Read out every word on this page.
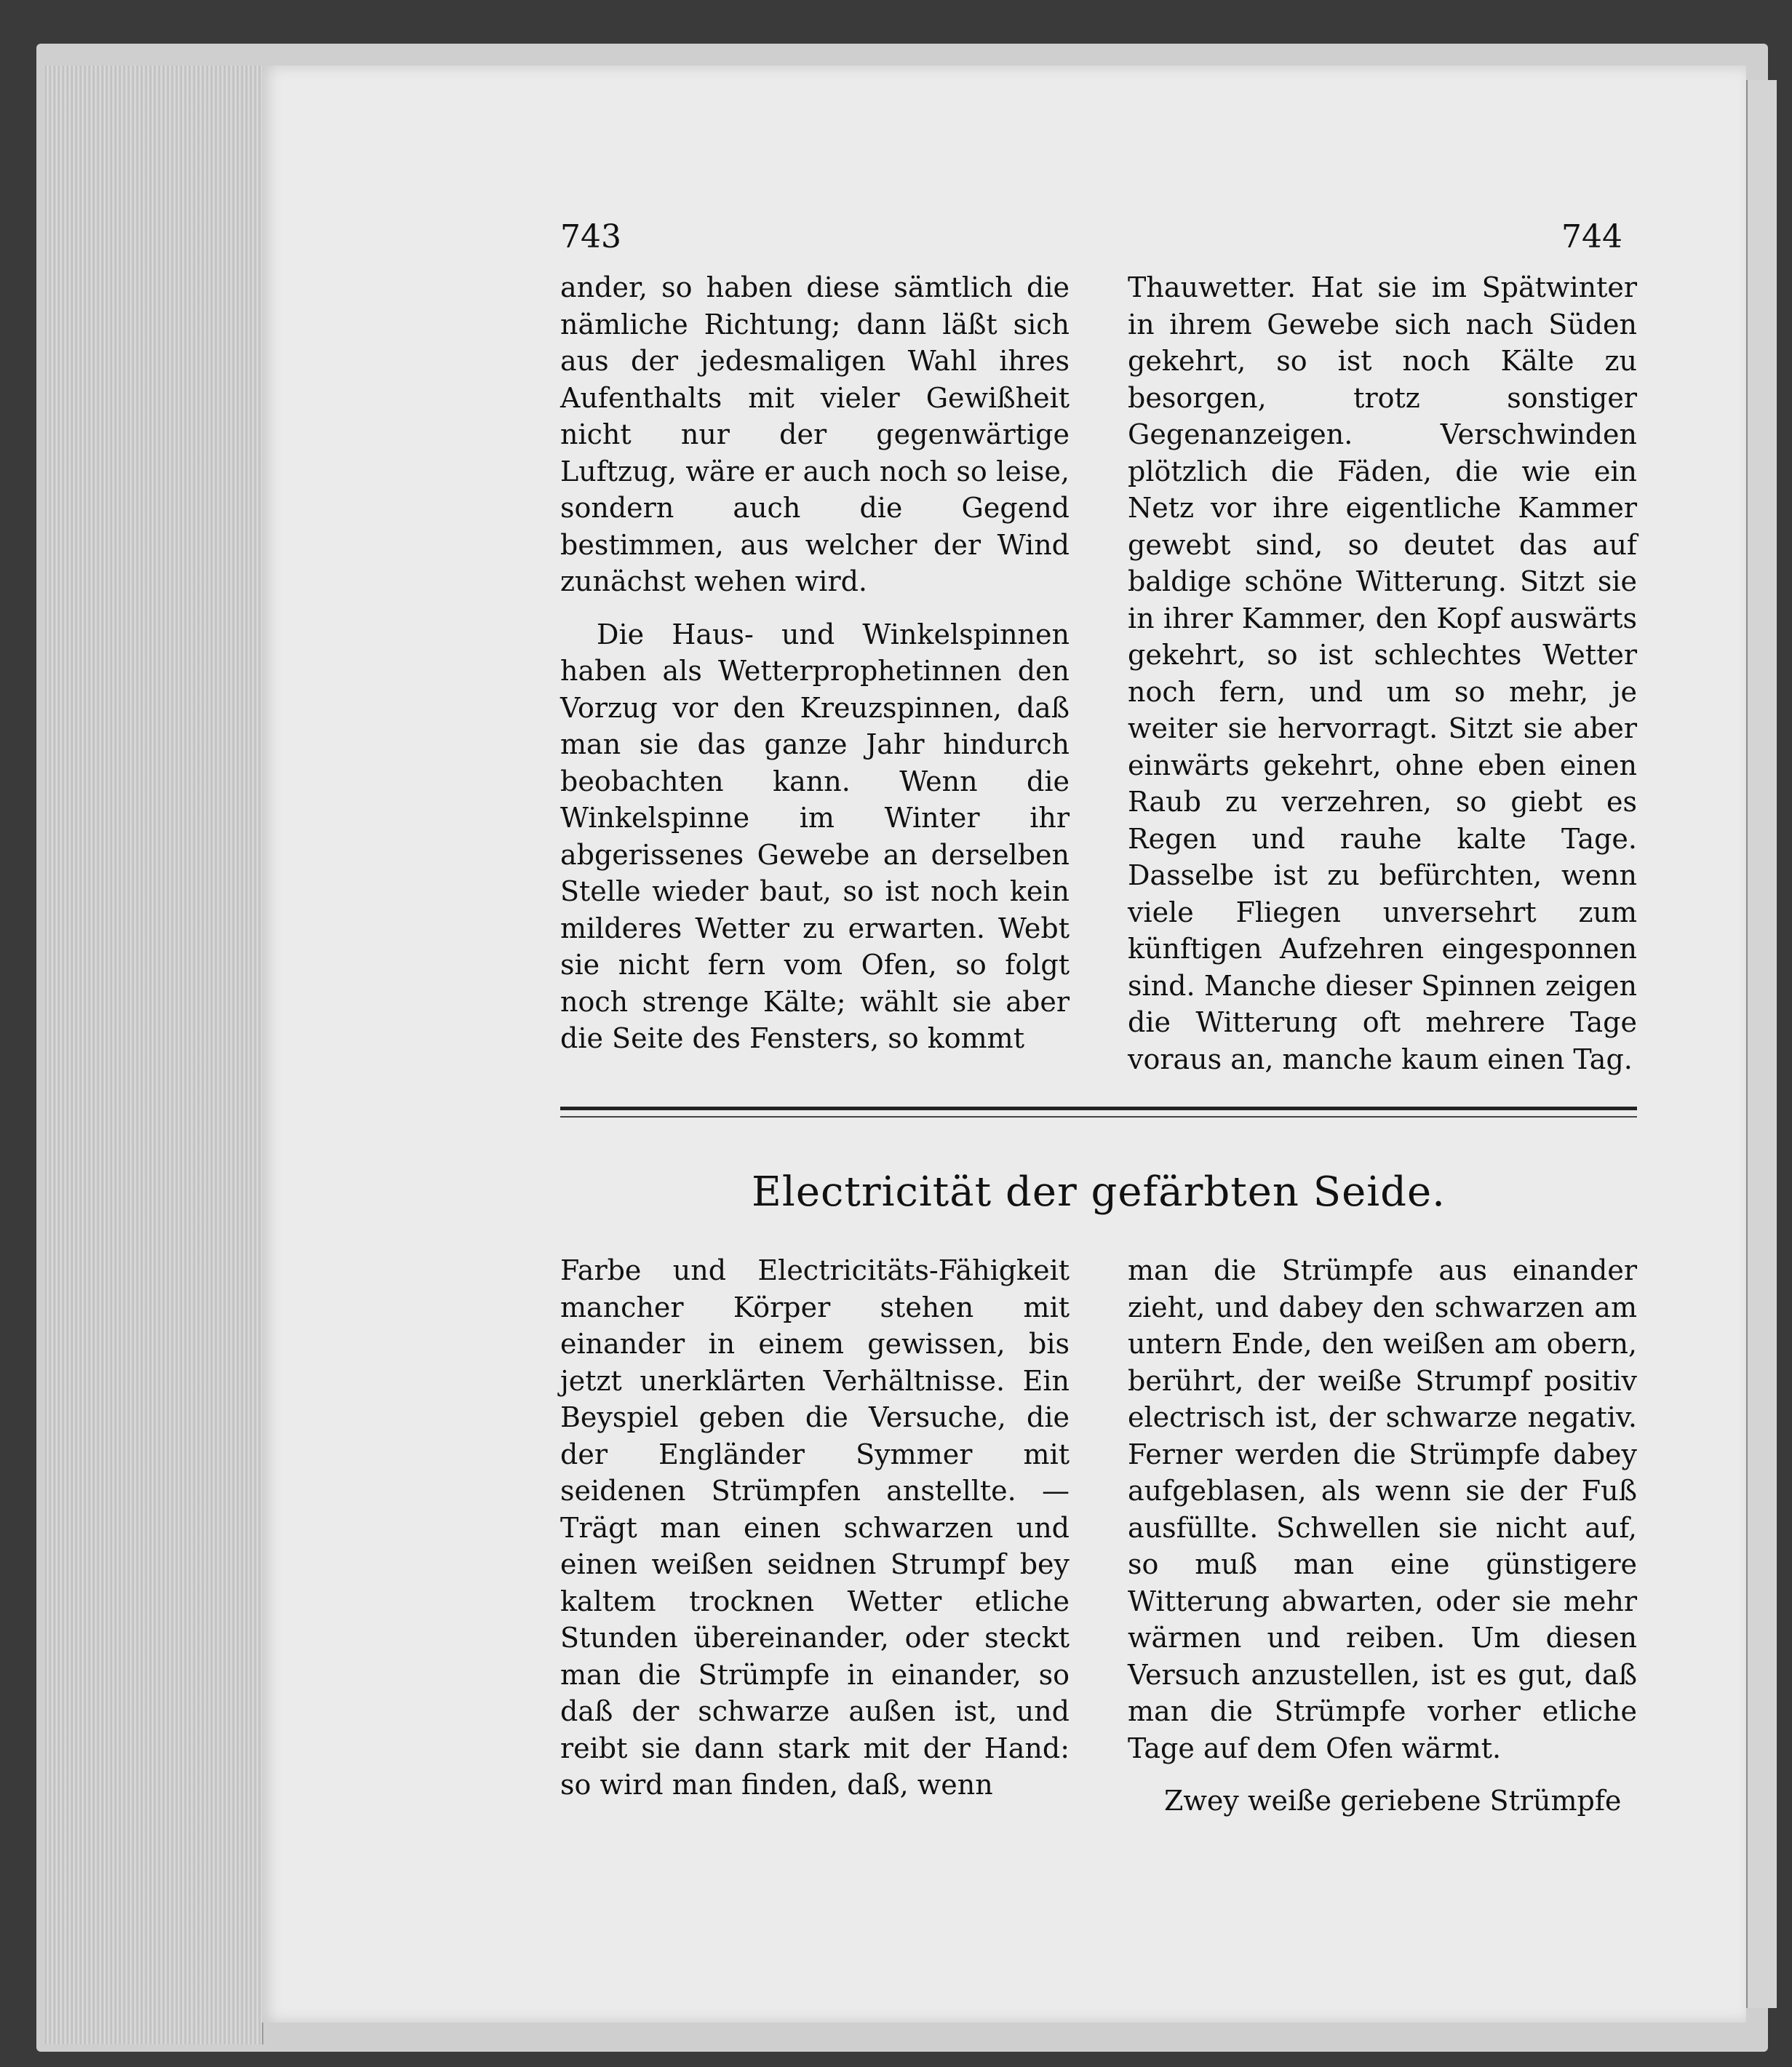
743	744

ander, so haben diese sämtlich die nämliche Richtung; dann läßt sich aus der jedesmaligen Wahl ihres Aufenthalts mit vieler Gewißheit nicht nur der gegenwärtige Luftzug, wäre er auch noch so leise, sondern auch die Gegend bestimmen, aus welcher der Wind zunächst wehen wird.

Die Haus- und Winkelspinnen haben als Wetterprophetinnen den Vorzug vor den Kreuzspinnen, daß man sie das ganze Jahr hindurch beobachten kann. Wenn die Winkelspinne im Winter ihr abgerissenes Gewebe an derselben Stelle wieder baut, so ist noch kein milderes Wetter zu erwarten. Webt sie nicht fern vom Ofen, so folgt noch strenge Kälte; wählt sie aber die Seite des Fensters, so kommt

Thauwetter. Hat sie im Spätwinter in ihrem Gewebe sich nach Süden gekehrt, so ist noch Kälte zu besorgen, trotz sonstiger Gegenanzeigen. Verschwinden plötzlich die Fäden, die wie ein Netz vor ihre eigentliche Kammer gewebt sind, so deutet das auf baldige schöne Witterung. Sitzt sie in ihrer Kammer, den Kopf auswärts gekehrt, so ist schlechtes Wetter noch fern, und um so mehr, je weiter sie hervorragt. Sitzt sie aber einwärts gekehrt, ohne eben einen Raub zu verzehren, so giebt es Regen und rauhe kalte Tage. Dasselbe ist zu befürchten, wenn viele Fliegen unversehrt zum künftigen Aufzehren eingesponnen sind. Manche dieser Spinnen zeigen die Witterung oft mehrere Tage voraus an, manche kaum einen Tag.

Electricität der gefärbten Seide.

Farbe und Electricitäts-Fähigkeit mancher Körper stehen mit einander in einem gewissen, bis jetzt unerklärten Verhältnisse. Ein Beyspiel geben die Versuche, die der Engländer Symmer mit seidenen Strümpfen anstellte. — Trägt man einen schwarzen und einen weißen seidnen Strumpf bey kaltem trocknen Wetter etliche Stunden übereinander, oder steckt man die Strümpfe in einander, so daß der schwarze außen ist, und reibt sie dann stark mit der Hand: so wird man finden, daß, wenn

man die Strümpfe aus einander zieht, und dabey den schwarzen am untern Ende, den weißen am obern, berührt, der weiße Strumpf positiv electrisch ist, der schwarze negativ. Ferner werden die Strümpfe dabey aufgeblasen, als wenn sie der Fuß ausfüllte. Schwellen sie nicht auf, so muß man eine günstigere Witterung abwarten, oder sie mehr wärmen und reiben. Um diesen Versuch anzustellen, ist es gut, daß man die Strümpfe vorher etliche Tage auf dem Ofen wärmt.

Zwey weiße geriebene Strümpfe
